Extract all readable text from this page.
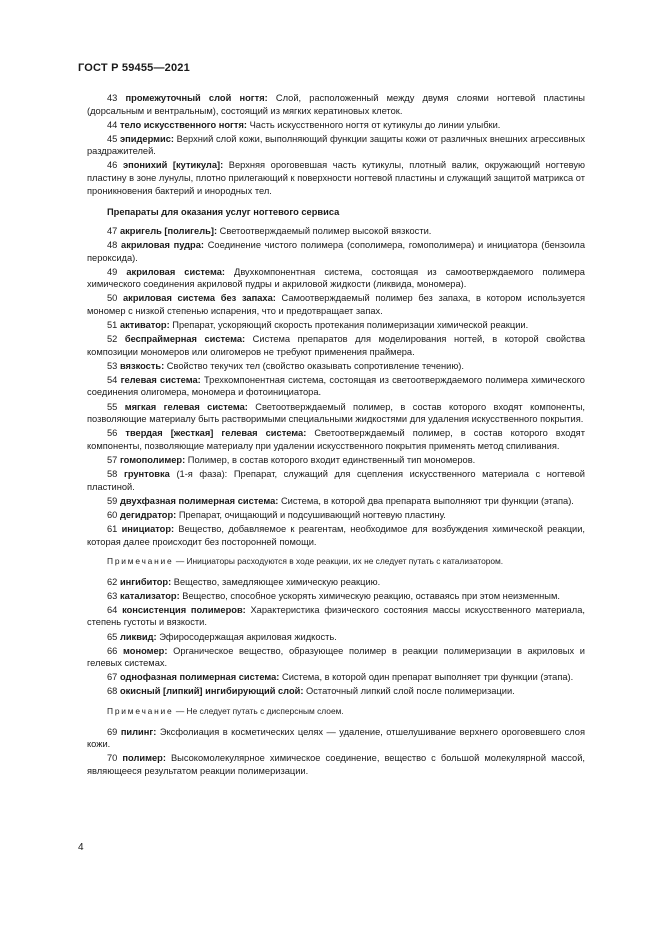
ГОСТ Р 59455—2021

43 промежуточный слой ногтя: Слой, расположенный между двумя слоями ногтевой пластины (дорсальным и вентральным), состоящий из мягких кератиновых клеток.

44 тело искусственного ногтя: Часть искусственного ногтя от кутикулы до линии улыбки.

45 эпидермис: Верхний слой кожи, выполняющий функции защиты кожи от различных внешних агрессивных раздражителей.

46 эпонихий [кутикула]: Верхняя ороговевшая часть кутикулы, плотный валик, окружающий ногтевую пластину в зоне лунулы, плотно прилегающий к поверхности ногтевой пластины и служащий защитой матрикса от проникновения бактерий и инородных тел.

Препараты для оказания услуг ногтевого сервиса

47 акригель [полигель]: Светоотверждаемый полимер высокой вязкости.

48 акриловая пудра: Соединение чистого полимера (сополимера, гомополимера) и инициатора (бензоила пероксида).

49 акриловая система: Двухкомпонентная система, состоящая из самоотверждаемого полимера химического соединения акриловой пудры и акриловой жидкости (ликвида, мономера).

50 акриловая система без запаха: Самоотверждаемый полимер без запаха, в котором используется мономер с низкой степенью испарения, что и предотвращает запах.

51 активатор: Препарат, ускоряющий скорость протекания полимеризации химической реакции.

52 беспраймерная система: Система препаратов для моделирования ногтей, в которой свойства композиции мономеров или олигомеров не требуют применения праймера.

53 вязкость: Свойство текучих тел (свойство оказывать сопротивление течению).

54 гелевая система: Трехкомпонентная система, состоящая из светоотверждаемого полимера химического соединения олигомера, мономера и фотоинициатора.

55 мягкая гелевая система: Светоотверждаемый полимер, в состав которого входят компоненты, позволяющие материалу быть растворимыми специальными жидкостями для удаления искусственного покрытия.

56 твердая [жесткая] гелевая система: Светоотверждаемый полимер, в состав которого входят компоненты, позволяющие материалу при удалении искусственного покрытия применять метод спиливания.

57 гомополимер: Полимер, в состав которого входит единственный тип мономеров.

58 грунтовка (1-я фаза): Препарат, служащий для сцепления искусственного материала с ногтевой пластиной.

59 двухфазная полимерная система: Система, в которой два препарата выполняют три функции (этапа).

60 дегидратор: Препарат, очищающий и подсушивающий ногтевую пластину.

61 инициатор: Вещество, добавляемое к реагентам, необходимое для возбуждения химической реакции, которая далее происходит без посторонней помощи.

Примечание — Инициаторы расходуются в ходе реакции, их не следует путать с катализатором.

62 ингибитор: Вещество, замедляющее химическую реакцию.

63 катализатор: Вещество, способное ускорять химическую реакцию, оставаясь при этом неизменным.

64 консистенция полимеров: Характеристика физического состояния массы искусственного материала, степень густоты и вязкости.

65 ликвид: Эфиросодержащая акриловая жидкость.

66 мономер: Органическое вещество, образующее полимер в реакции полимеризации в акриловых и гелевых системах.

67 однофазная полимерная система: Система, в которой один препарат выполняет три функции (этапа).

68 окисный [липкий] ингибирующий слой: Остаточный липкий слой после полимеризации.

Примечание — Не следует путать с дисперсным слоем.

69 пилинг: Эксфолиация в косметических целях — удаление, отшелушивание верхнего ороговевшего слоя кожи.

70 полимер: Высокомолекулярное химическое соединение, вещество с большой молекулярной массой, являющееся результатом реакции полимеризации.

4
